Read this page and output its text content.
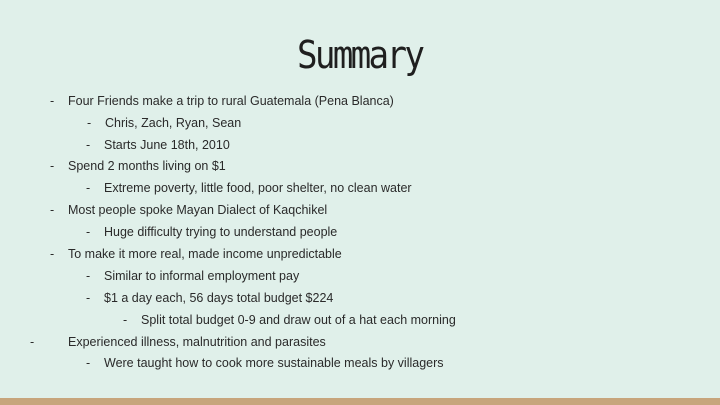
Summary
- Four Friends make a trip to rural Guatemala (Pena Blanca)
- Chris, Zach, Ryan, Sean
- Starts June 18th, 2010
- Spend 2 months living on $1
- Extreme poverty, little food, poor shelter, no clean water
- Most people spoke Mayan Dialect of Kaqchikel
- Huge difficulty trying to understand people
- To make it more real, made income unpredictable
- Similar to informal employment pay
- $1 a day each, 56 days total budget $224
- Split total budget 0-9 and draw out of a hat each morning
-	Experienced illness, malnutrition and parasites
- Were taught how to cook more sustainable meals by villagers
